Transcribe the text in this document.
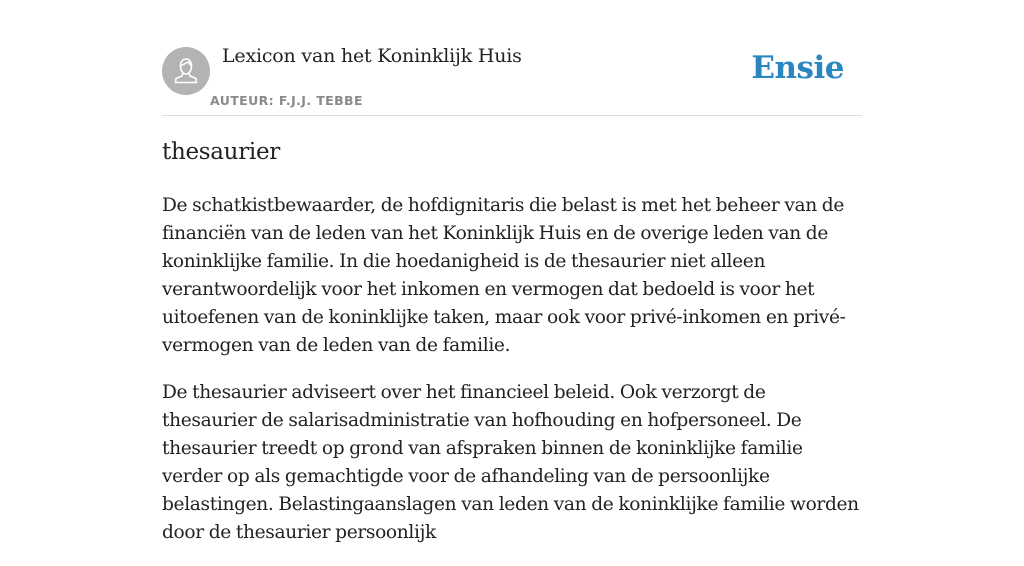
Lexicon van het Koninklijk Huis
AUTEUR: F.J.J. TEBBE
Ensie
thesaurier

De schatkistbewaarder, de hofdignitaris die belast is met het beheer van de financiën van de leden van het Koninklijk Huis en de overige leden van de koninklijke familie. In die hoedanigheid is de thesaurier niet alleen verantwoordelijk voor het inkomen en vermogen dat bedoeld is voor het uitoefenen van de koninklijke taken, maar ook voor privé-inkomen en privé-vermogen van de leden van de familie.

De thesaurier adviseert over het financieel beleid. Ook verzorgt de thesaurier de salarisadministratie van hofhouding en hofpersoneel. De thesaurier treedt op grond van afspraken binnen de koninklijke familie verder op als gemachtigde voor de afhandeling van de persoonlijke belastingen. Belastingaanslagen van leden van de koninklijke familie worden door de thesaurier persoonlijk
